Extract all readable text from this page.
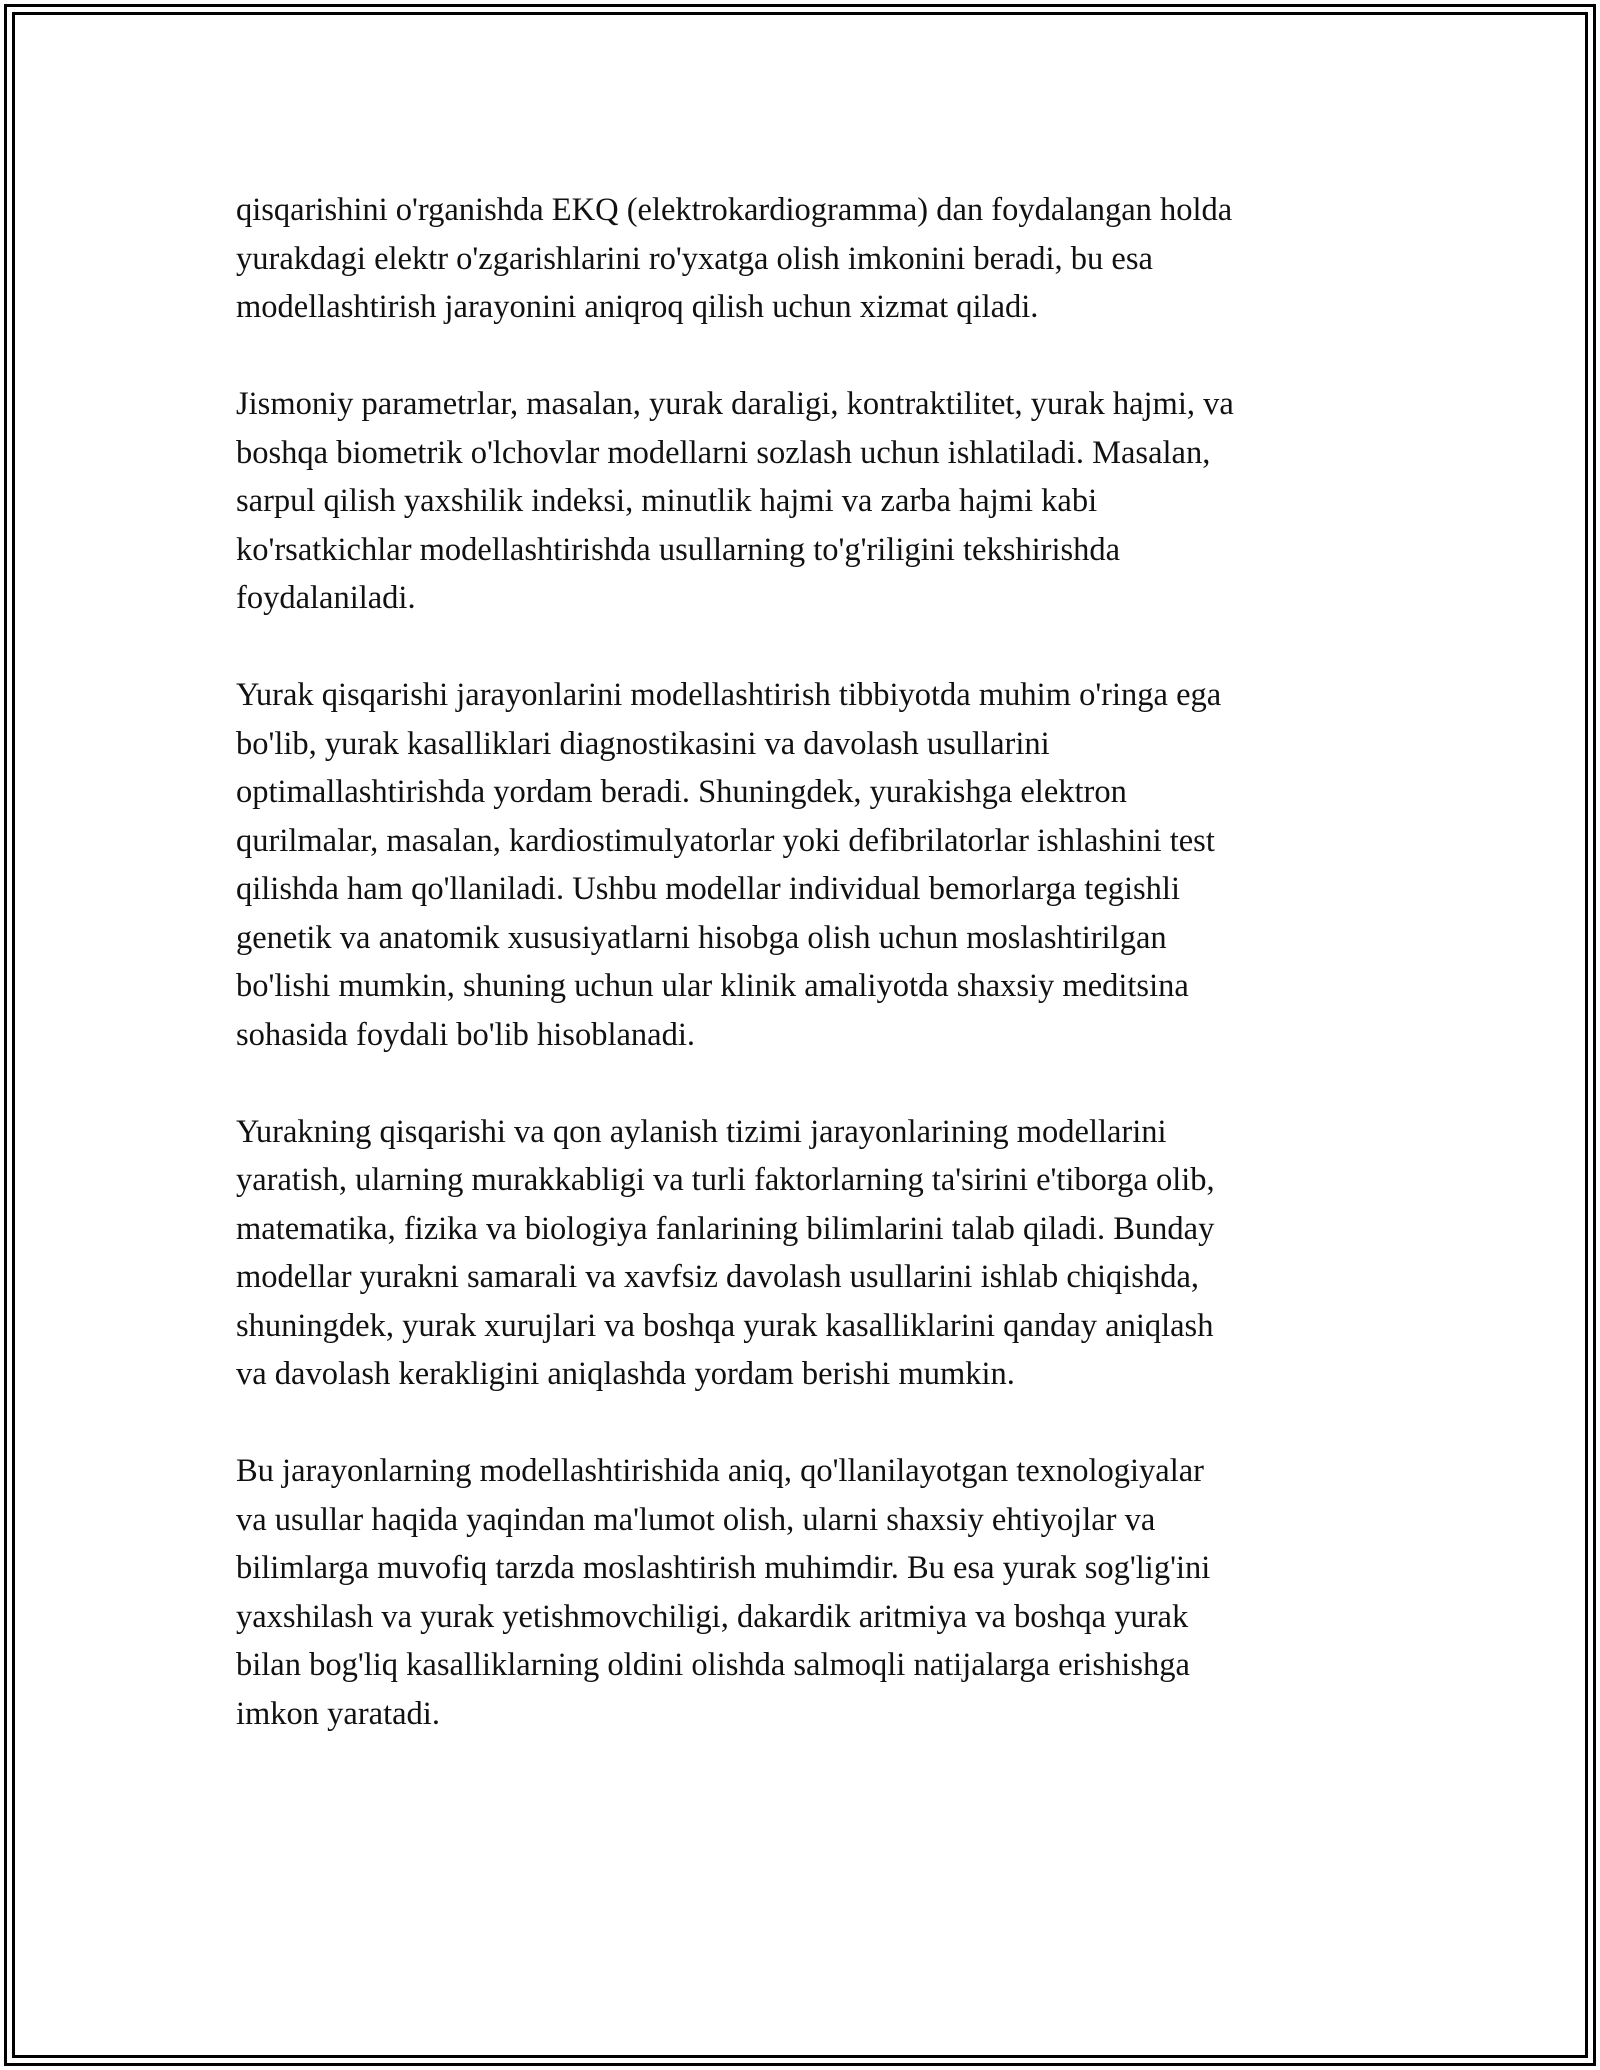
qisqarishini o'rganishda EKQ (elektrokardiogramma) dan foydalangan holda
yurakdagi elektr o'zgarishlarini ro'yxatga olish imkonini beradi, bu esa
modellashtirish jarayonini aniqroq qilish uchun xizmat qiladi.

Jismoniy parametrlar, masalan, yurak daraligi, kontraktilitet, yurak hajmi, va
boshqa biometrik o'lchovlar modellarni sozlash uchun ishlatiladi. Masalan,
sarpul qilish yaxshilik indeksi, minutlik hajmi va zarba hajmi kabi
ko'rsatkichlar modellashtirishda usullarning to'g'riligini tekshirishda
foydalaniladi.

Yurak qisqarishi jarayonlarini modellashtirish tibbiyotda muhim o'ringa ega
bo'lib, yurak kasalliklari diagnostikasini va davolash usullarini
optimallashtirishda yordam beradi. Shuningdek, yurakishga elektron
qurilmalar, masalan, kardiostimulyatorlar yoki defibrilatorlar ishlashini test
qilishda ham qo'llaniladi. Ushbu modellar individual bemorlarga tegishli
genetik va anatomik xususiyatlarni hisobga olish uchun moslashtirilgan
bo'lishi mumkin, shuning uchun ular klinik amaliyotda shaxsiy meditsina
sohasida foydali bo'lib hisoblanadi.

Yurakning qisqarishi va qon aylanish tizimi jarayonlarining modellarini
yaratish, ularning murakkabligi va turli faktorlarning ta'sirini e'tiborga olib,
matematika, fizika va biologiya fanlarining bilimlarini talab qiladi. Bunday
modellar yurakni samarali va xavfsiz davolash usullarini ishlab chiqishda,
shuningdek, yurak xurujlari va boshqa yurak kasalliklarini qanday aniqlash
va davolash kerakligini aniqlashda yordam berishi mumkin.

Bu jarayonlarning modellashtirishida aniq, qo'llanilayotgan texnologiyalar
va usullar haqida yaqindan ma'lumot olish, ularni shaxsiy ehtiyojlar va
bilimlarga muvofiq tarzda moslashtirish muhimdir. Bu esa yurak sog'lig'ini
yaxshilash va yurak yetishmovchiligi, dakardik aritmiya va boshqa yurak
bilan bog'liq kasalliklarning oldini olishda salmoqli natijalarga erishishga
imkon yaratadi.
